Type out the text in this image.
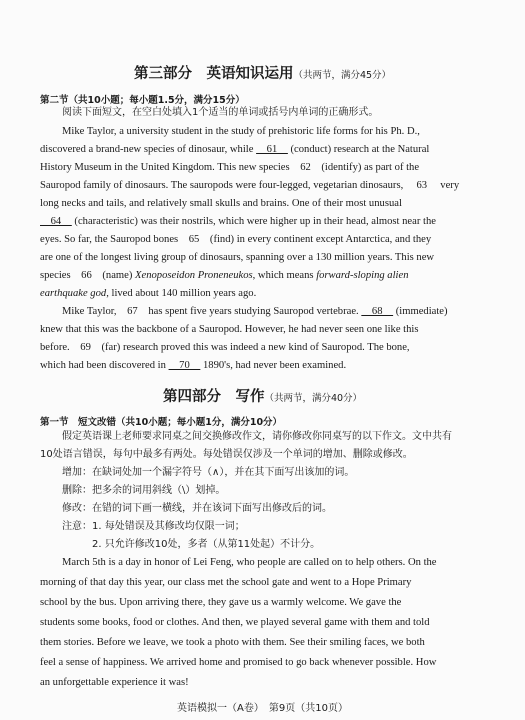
第三部分　英语知识运用（共两节，满分45分）
第二节（共10小题；每小题1.5分，满分15分）
阅读下面短文，在空白处填入1个适当的单词或括号内单词的正确形式。
Mike Taylor, a university student in the study of prehistoric life forms for his Ph. D.,
discovered a brand-new species of dinosaur, while 　61　 (conduct) research at the Natural
History Museum in the United Kingdom. This new species　62　(identify) as part of the
Sauropod family of dinosaurs. The sauropods were four-legged, vegetarian dinosaurs, 　63　 very
long necks and tails, and relatively small skulls and brains. One of their most unusual
　64　 (characteristic) was their nostrils, which were higher up in their head, almost near the
eyes. So far, the Sauropod bones　65　(find) in every continent except Antarctica, and they
are one of the longest living group of dinosaurs, spanning over a 130 million years. This new
species　66　(name) Xenoposeidon Proneneukos, which means forward-sloping alien
earthquake god, lived about 140 million years ago.
Mike Taylor,　67　has spent five years studying Sauropod vertebrae. 　68　 (immediate)
knew that this was the backbone of a Sauropod. However, he had never seen one like this
before.　69　(far) research proved this was indeed a new kind of Sauropod. The bone,
which had been discovered in 　70　 1890's, had never been examined.
第四部分　写作（共两节，满分40分）
第一节　短文改错（共10小题；每小题1分，满分10分）
假定英语课上老师要求同桌之间交换修改作文，请你修改你同桌写的以下作文。文中共有
10处语言错误，每句中最多有两处。每处错误仅涉及一个单词的增加、删除或修改。
增加：在缺词处加一个漏字符号（∧），并在其下面写出该加的词。
删除：把多余的词用斜线（\）划掉。
修改：在错的词下画一横线，并在该词下面写出修改后的词。
注意：1. 每处错误及其修改均仅限一词；
2. 只允许修改10处，多者（从第11处起）不计分。
March 5th is a day in honor of Lei Feng, who people are called on to help others. On the
morning of that day this year, our class met the school gate and went to a Hope Primary
school by the bus. Upon arriving there, they gave us a warmly welcome. We gave the
students some books, food or clothes. And then, we played several game with them and told
them stories. Before we leave, we took a photo with them. See their smiling faces, we both
feel a sense of happiness. We arrived home and promised to go back whenever possible. How
an unforgettable experience it was!
英语模拟一（A卷）　第9页（共10页）
